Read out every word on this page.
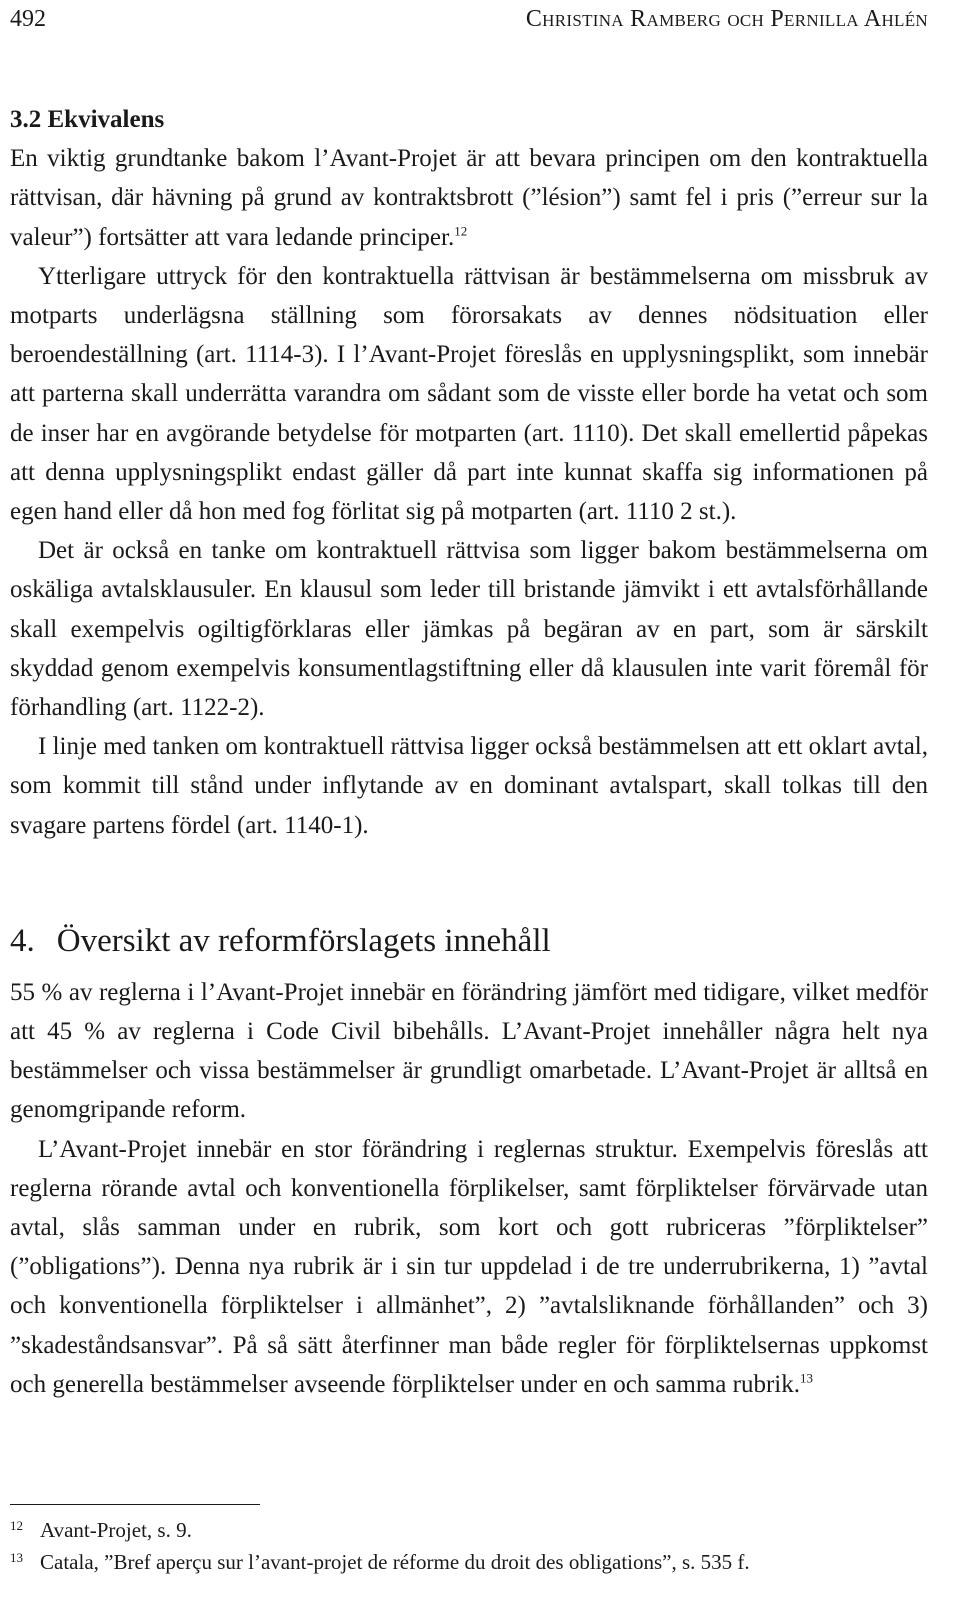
492	Christina Ramberg och Pernilla Ahlén

3.2 Ekvivalens

En viktig grundtanke bakom l’Avant-Projet är att bevara principen om den kontraktuella rättvisan, där hävning på grund av kontraktsbrott (”lésion”) samt fel i pris (”erreur sur la valeur”) fortsätter att vara ledande principer.$^{12}$

Ytterligare uttryck för den kontraktuella rättvisan är bestämmelserna om missbruk av motparts underlägsna ställning som förorsakats av dennes nödsituation eller beroendeställning (art. 1114-3). I l’Avant-Projet föreslås en upplysningsplikt, som innebär att parterna skall underrätta varandra om sådant som de visste eller borde ha vetat och som de inser har en avgörande betydelse för motparten (art. 1110). Det skall emellertid påpekas att denna upplysningsplikt endast gäller då part inte kunnat skaffa sig informationen på egen hand eller då hon med fog förlitat sig på motparten (art. 1110 2 st.).

Det är också en tanke om kontraktuell rättvisa som ligger bakom bestämmelserna om oskäliga avtalsklausuler. En klausul som leder till bristande jämvikt i ett avtalsförhållande skall exempelvis ogiltigförklaras eller jämkas på begäran av en part, som är särskilt skyddad genom exempelvis konsumentlagstiftning eller då klausulen inte varit föremål för förhandling (art. 1122-2).

I linje med tanken om kontraktuell rättvisa ligger också bestämmelsen att ett oklart avtal, som kommit till stånd under inflytande av en dominant avtalspart, skall tolkas till den svagare partens fördel (art. 1140-1).

4. Översikt av reformförslagets innehåll

55 % av reglerna i l’Avant-Projet innebär en förändring jämfört med tidigare, vilket medför att 45 % av reglerna i Code Civil bibehålls. L’Avant-Projet innehåller några helt nya bestämmelser och vissa bestämmelser är grundligt omarbetade. L’Avant-Projet är alltså en genomgripande reform.

L’Avant-Projet innebär en stor förändring i reglernas struktur. Exempelvis föreslås att reglerna rörande avtal och konventionella förplikelser, samt förpliktelser förvärvade utan avtal, slås samman under en rubrik, som kort och gott rubriceras ”förpliktelser” (”obligations”). Denna nya rubrik är i sin tur uppdelad i de tre underrubrikerna, 1) ”avtal och konventionella förpliktelser i allmänhet”, 2) ”avtalsliknande förhållanden” och 3) ”skadeståndsansvar”. På så sätt återfinner man både regler för förpliktelsernas uppkomst och generella bestämmelser avseende förpliktelser under en och samma rubrik.$^{13}$

12 Avant-Projet, s. 9.
13 Catala, ”Bref aperçu sur l’avant-projet de réforme du droit des obligations”, s. 535 f.
